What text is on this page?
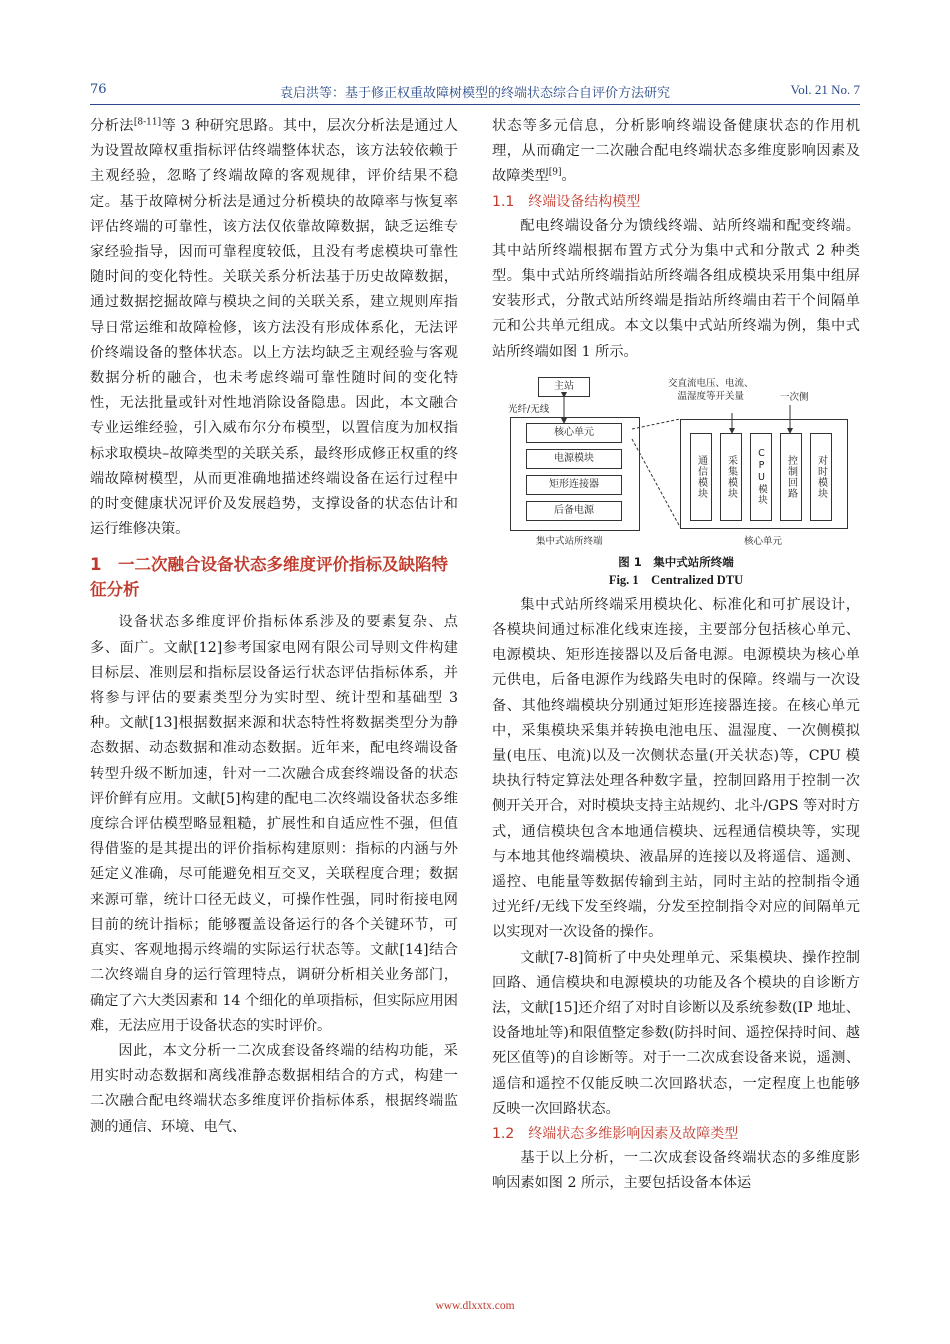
76	袁启洪等：基于修正权重故障树模型的终端状态综合自评价方法研究	Vol. 21 No. 7

分析法[8-11]等 3 种研究思路。其中，层次分析法是通过人为设置故障权重指标评估终端整体状态，该方法较依赖于主观经验，忽略了终端故障的客观规律，评价结果不稳定。基于故障树分析法是通过分析模块的故障率与恢复率评估终端的可靠性，该方法仅依靠故障数据，缺乏运维专家经验指导，因而可靠程度较低，且没有考虑模块可靠性随时间的变化特性。关联关系分析法基于历史故障数据，通过数据挖掘故障与模块之间的关联关系，建立规则库指导日常运维和故障检修，该方法没有形成体系化，无法评价终端设备的整体状态。以上方法均缺乏主观经验与客观数据分析的融合，也未考虑终端可靠性随时间的变化特性，无法批量或针对性地消除设备隐患。因此，本文融合专业运维经验，引入威布尔分布模型，以置信度为加权指标求取模块–故障类型的关联关系，最终形成修正权重的终端故障树模型，从而更准确地描述终端设备在运行过程中的时变健康状况评价及发展趋势，支撑设备的状态估计和运行维修决策。

1　一二次融合设备状态多维度评价指标及缺陷特征分析

设备状态多维度评价指标体系涉及的要素复杂、点多、面广。文献[12]参考国家电网有限公司导则文件构建目标层、准则层和指标层设备运行状态评估指标体系，并将参与评估的要素类型分为实时型、统计型和基础型 3 种。文献[13]根据数据来源和状态特性将数据类型分为静态数据、动态数据和准动态数据。近年来，配电终端设备转型升级不断加速，针对一二次融合成套终端设备的状态评价鲜有应用。文献[5]构建的配电二次终端设备状态多维度综合评估模型略显粗糙，扩展性和自适应性不强，但值得借鉴的是其提出的评价指标构建原则：指标的内涵与外延定义准确，尽可能避免相互交叉，关联程度合理；数据来源可靠，统计口径无歧义，可操作性强，同时衔接电网目前的统计指标；能够覆盖设备运行的各个关键环节，可真实、客观地揭示终端的实际运行状态等。文献[14]结合二次终端自身的运行管理特点，调研分析相关业务部门，确定了六大类因素和 14 个细化的单项指标，但实际应用困难，无法应用于设备状态的实时评价。

因此，本文分析一二次成套设备终端的结构功能，采用实时动态数据和离线准静态数据相结合的方式，构建一二次融合配电终端状态多维度评价指标体系，根据终端监测的通信、环境、电气、

状态等多元信息，分析影响终端设备健康状态的作用机理，从而确定一二次融合配电终端状态多维度影响因素及故障类型[9]。

1.1 终端设备结构模型

配电终端设备分为馈线终端、站所终端和配变终端。其中站所终端根据布置方式分为集中式和分散式 2 种类型。集中式站所终端指站所终端各组成模块采用集中组屏安装形式，分散式站所终端是指站所终端由若干个间隔单元和公共单元组成。本文以集中式站所终端为例，集中式站所终端如图 1 所示。

主站
光纤/无线
核心单元
电源模块
矩形连接器
后备电源
集中式站所终端
交直流电压、电流、
温湿度等开关量	一次侧
通信模块	采集模块	CPU模块	控制回路	对时模块
核心单元
图 1　集中式站所终端
Fig. 1　Centralized DTU

集中式站所终端采用模块化、标准化和可扩展设计，各模块间通过标准化线束连接，主要部分包括核心单元、电源模块、矩形连接器以及后备电源。电源模块为核心单元供电，后备电源作为线路失电时的保障。终端与一次设备、其他终端模块分别通过矩形连接器连接。在核心单元中，采集模块采集并转换电池电压、温湿度、一次侧模拟量(电压、电流)以及一次侧状态量(开关状态)等，CPU 模块执行特定算法处理各种数字量，控制回路用于控制一次侧开关开合，对时模块支持主站规约、北斗/GPS 等对时方式，通信模块包含本地通信模块、远程通信模块等，实现与本地其他终端模块、液晶屏的连接以及将遥信、遥测、遥控、电能量等数据传输到主站，同时主站的控制指令通过光纤/无线下发至终端，分发至控制指令对应的间隔单元以实现对一次设备的操作。

文献[7-8]简析了中央处理单元、采集模块、操作控制回路、通信模块和电源模块的功能及各个模块的自诊断方法，文献[15]还介绍了对时自诊断以及系统参数(IP 地址、设备地址等)和限值整定参数(防抖时间、遥控保持时间、越死区值等)的自诊断等。对于一二次成套设备来说，遥测、遥信和遥控不仅能反映二次回路状态，一定程度上也能够反映一次回路状态。

1.2 终端状态多维影响因素及故障类型

基于以上分析，一二次成套设备终端状态的多维度影响因素如图 2 所示，主要包括设备本体运

www.dlxxtx.com
